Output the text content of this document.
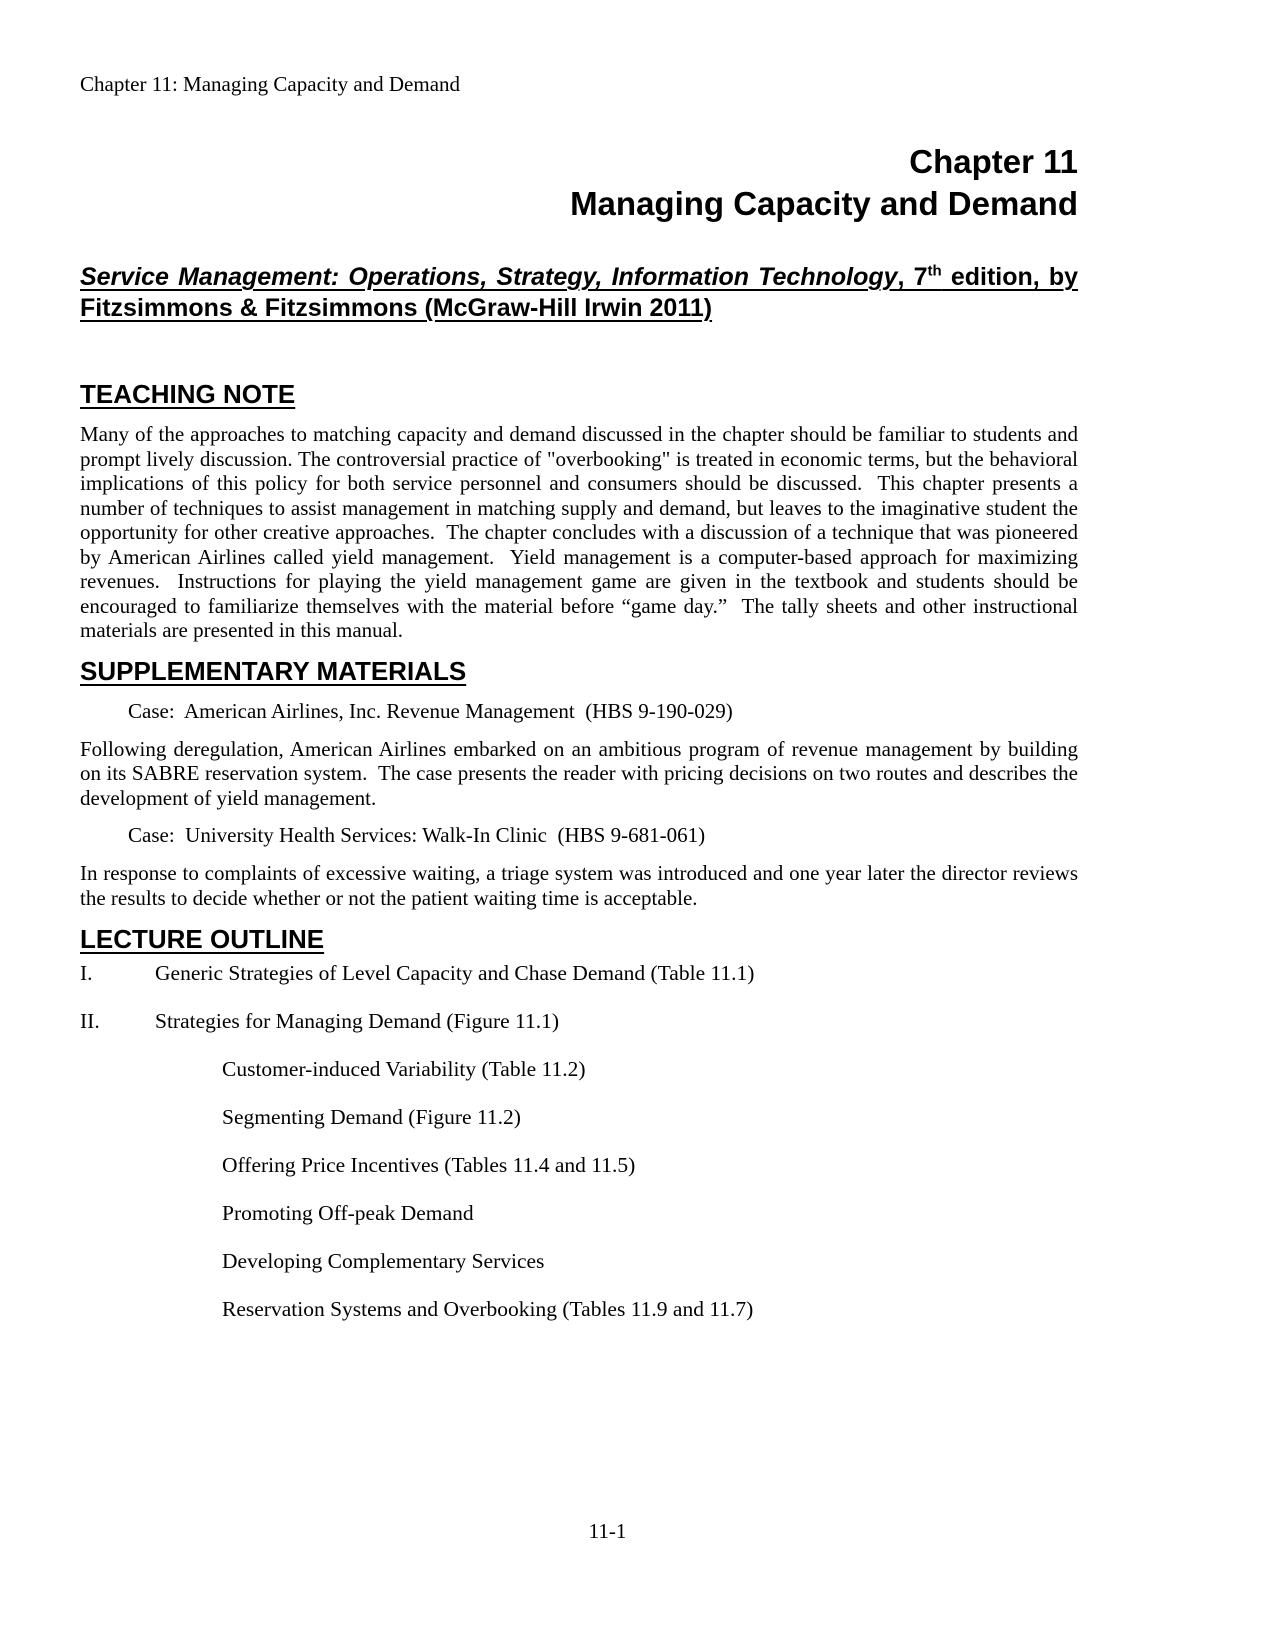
Chapter 11: Managing Capacity and Demand
Chapter 11
Managing Capacity and Demand
Service Management: Operations, Strategy, Information Technology, 7th edition, by Fitzsimmons & Fitzsimmons (McGraw-Hill Irwin 2011)
TEACHING NOTE
Many of the approaches to matching capacity and demand discussed in the chapter should be familiar to students and prompt lively discussion. The controversial practice of "overbooking" is treated in economic terms, but the behavioral implications of this policy for both service personnel and consumers should be discussed.  This chapter presents a number of techniques to assist management in matching supply and demand, but leaves to the imaginative student the opportunity for other creative approaches.  The chapter concludes with a discussion of a technique that was pioneered by American Airlines called yield management.  Yield management is a computer-based approach for maximizing revenues.  Instructions for playing the yield management game are given in the textbook and students should be encouraged to familiarize themselves with the material before “game day.”  The tally sheets and other instructional materials are presented in this manual.
SUPPLEMENTARY MATERIALS
Case:  American Airlines, Inc. Revenue Management  (HBS 9-190-029)
Following deregulation, American Airlines embarked on an ambitious program of revenue management by building on its SABRE reservation system.  The case presents the reader with pricing decisions on two routes and describes the development of yield management.
Case:  University Health Services: Walk-In Clinic  (HBS 9-681-061)
In response to complaints of excessive waiting, a triage system was introduced and one year later the director reviews the results to decide whether or not the patient waiting time is acceptable.
LECTURE OUTLINE
I.	Generic Strategies of Level Capacity and Chase Demand (Table 11.1)
II.	Strategies for Managing Demand (Figure 11.1)
Customer-induced Variability (Table 11.2)
Segmenting Demand (Figure 11.2)
Offering Price Incentives (Tables 11.4 and 11.5)
Promoting Off-peak Demand
Developing Complementary Services
Reservation Systems and Overbooking (Tables 11.9 and 11.7)
11-1
